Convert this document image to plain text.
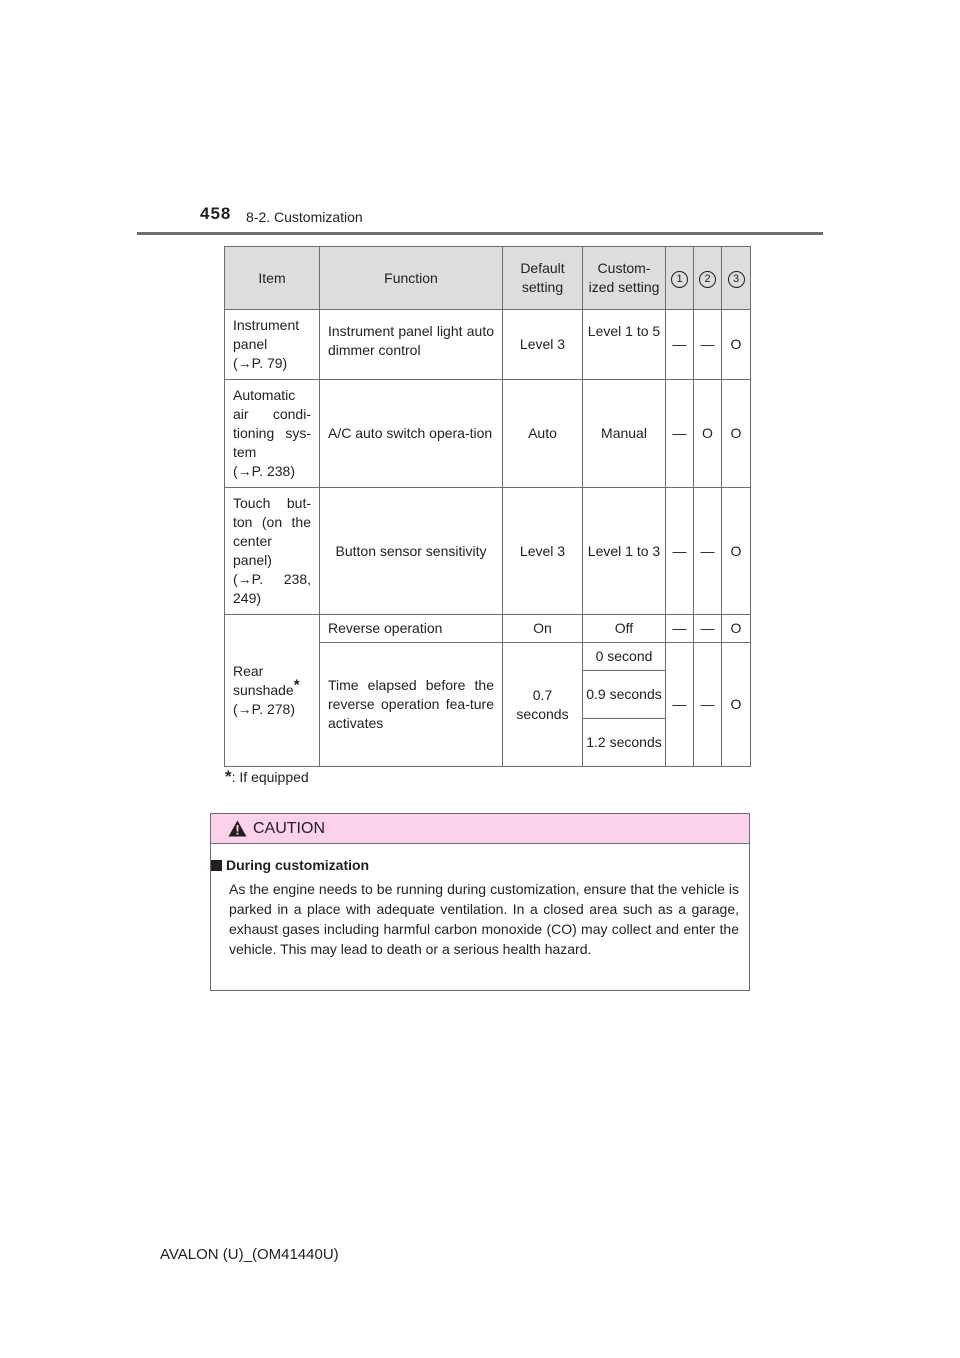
458 8-2. Customization
Item	Function	Default setting	Custom-ized setting	1	2	3
Instrument
panel
(→P. 79)	Instrument panel light auto dimmer control	Level 3	Level 1 to 5	—	—	O
Automatic air condi-tioning sys-tem
(→P. 238)	A/C auto switch opera-tion	Auto	Manual	—	O	O
Touch but-ton (on the center panel)
(→P. 238, 249)	Button sensor sensitivity	Level 3	Level 1 to 3	—	—	O
Rear sunshade*
(→P. 278)	Reverse operation	On	Off	—	—	O
	Time elapsed before the reverse operation fea-ture activates	0.7 seconds	0 second	—	—	O
			0.9 seconds			
			1.2 seconds			
*: If equipped
CAUTION
During customization
As the engine needs to be running during customization, ensure that the vehicle is parked in a place with adequate ventilation. In a closed area such as a garage, exhaust gases including harmful carbon monoxide (CO) may collect and enter the vehicle. This may lead to death or a serious health hazard.
AVALON (U)_(OM41440U)
